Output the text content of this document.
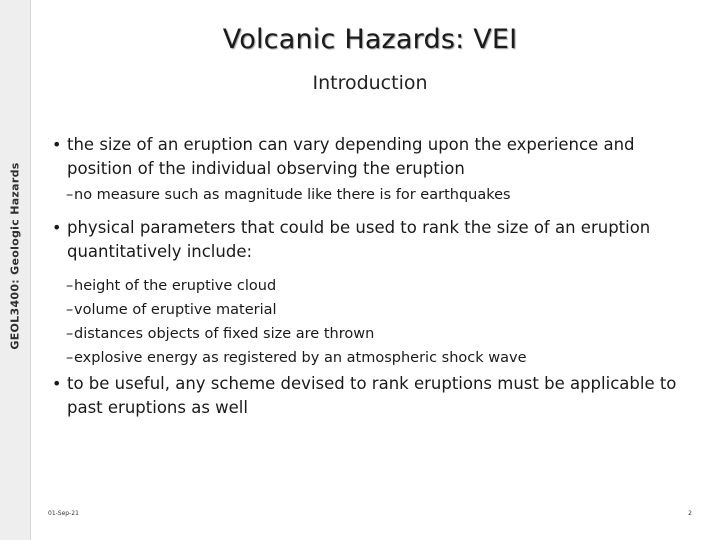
GEOL3400: Geologic Hazards
Volcanic Hazards: VEI
Introduction
• the size of an eruption can vary depending upon the experience and position of the individual observing the eruption
– no measure such as magnitude like there is for earthquakes
• physical parameters that could be used to rank the size of an eruption quantitatively include:
– height of the eruptive cloud
– volume of eruptive material
– distances objects of fixed size are thrown
– explosive energy as registered by an atmospheric shock wave
• to be useful, any scheme devised to rank eruptions must be applicable to past eruptions as well
01-Sep-21	2
